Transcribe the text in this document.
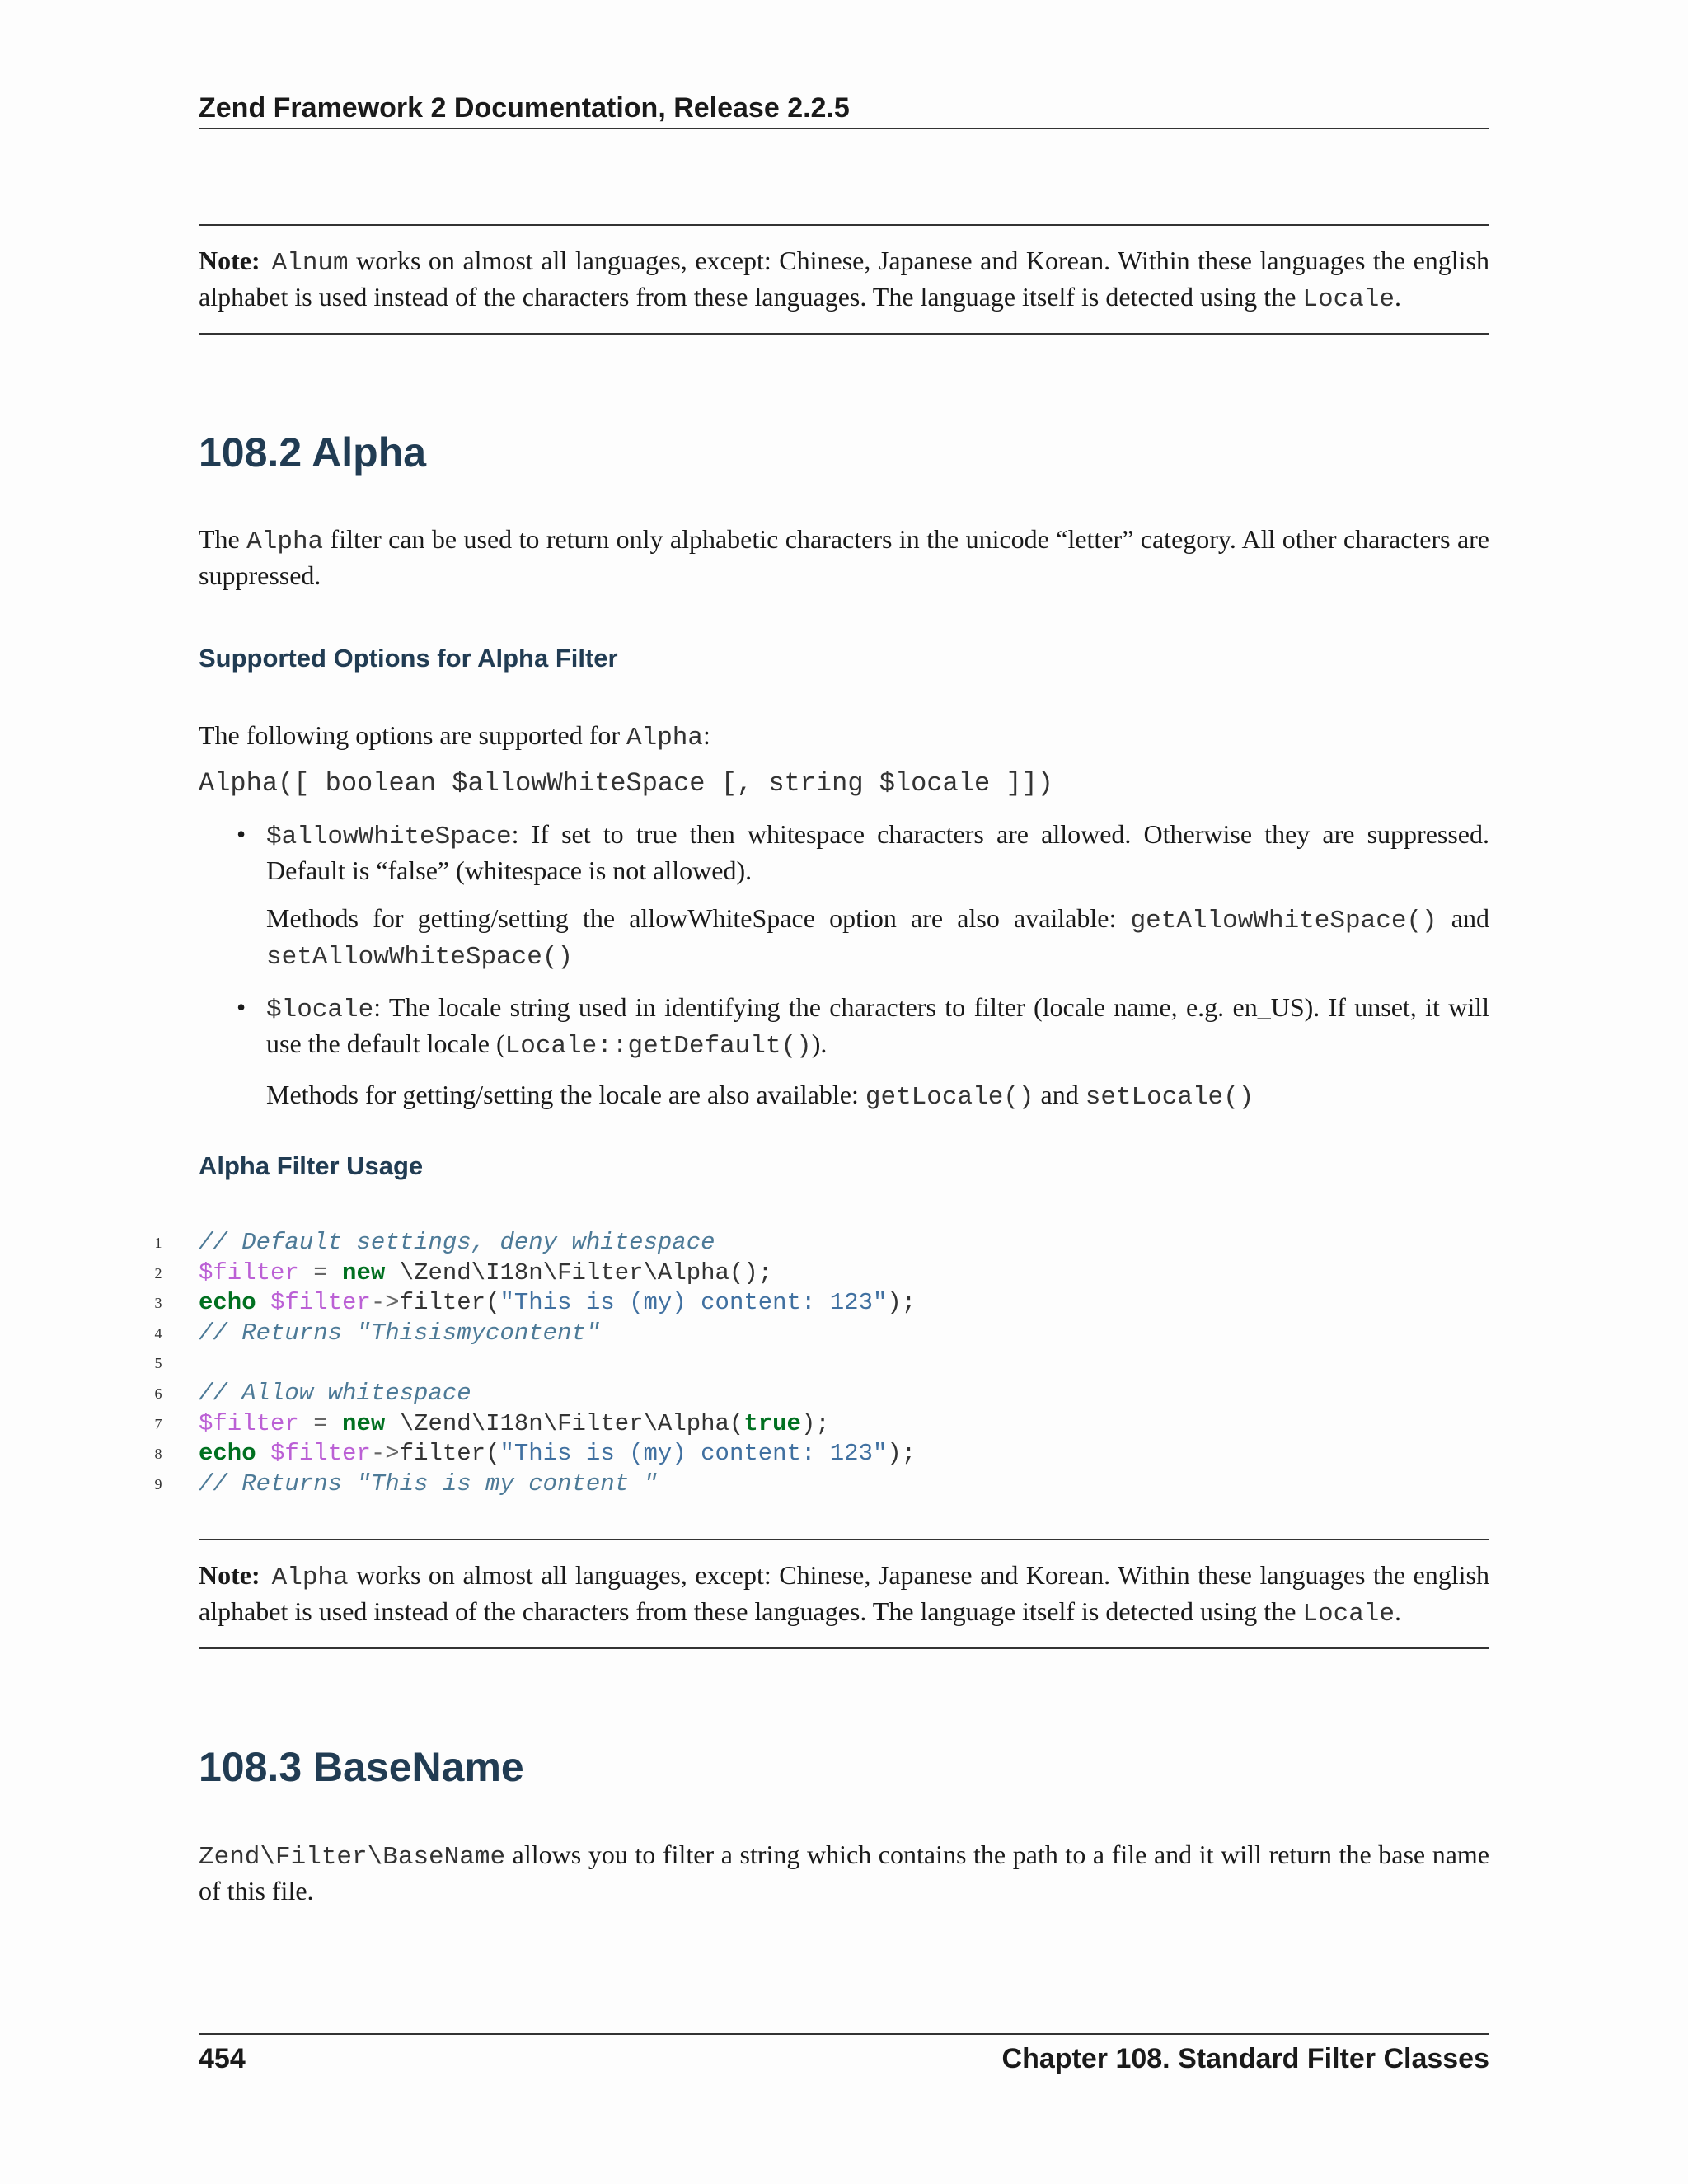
Zend Framework 2 Documentation, Release 2.2.5
Note: Alnum works on almost all languages, except: Chinese, Japanese and Korean. Within these languages the english alphabet is used instead of the characters from these languages. The language itself is detected using the Locale.
108.2 Alpha
The Alpha filter can be used to return only alphabetic characters in the unicode “letter” category. All other characters are suppressed.
Supported Options for Alpha Filter
The following options are supported for Alpha:
Alpha([ boolean $allowWhiteSpace [, string $locale ]])
• $allowWhiteSpace: If set to true then whitespace characters are allowed. Otherwise they are suppressed. Default is “false” (whitespace is not allowed).

Methods for getting/setting the allowWhiteSpace option are also available: getAllowWhiteSpace() and setAllowWhiteSpace()

• $locale: The locale string used in identifying the characters to filter (locale name, e.g. en_US). If unset, it will use the default locale (Locale::getDefault()).

Methods for getting/setting the locale are also available: getLocale() and setLocale()

Alpha Filter Usage
1 // Default settings, deny whitespace
2 $filter = new \Zend\I18n\Filter\Alpha();
3 echo $filter->filter("This is (my) content: 123");
4 // Returns "Thisismycontent"
5
6 // Allow whitespace
7 $filter = new \Zend\I18n\Filter\Alpha(true);
8 echo $filter->filter("This is (my) content: 123");
9 // Returns "This is my content "
Note: Alpha works on almost all languages, except: Chinese, Japanese and Korean. Within these languages the english alphabet is used instead of the characters from these languages. The language itself is detected using the Locale.
108.3 BaseName
Zend\Filter\BaseName allows you to filter a string which contains the path to a file and it will return the base name of this file.
454	Chapter 108. Standard Filter Classes
